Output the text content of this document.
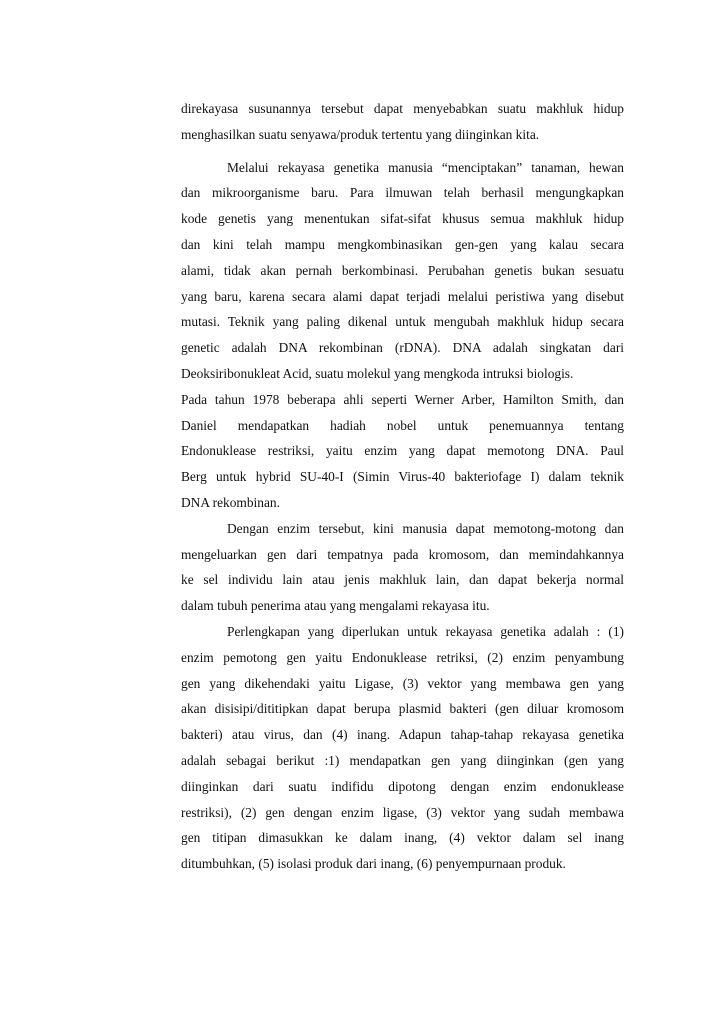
direkayasa susunannya tersebut dapat menyebabkan suatu makhluk hidup
menghasilkan suatu senyawa/produk tertentu yang diinginkan kita.
Melalui rekayasa genetika manusia “menciptakan” tanaman, hewan
dan mikroorganisme baru. Para ilmuwan telah berhasil mengungkapkan
kode genetis yang menentukan sifat-sifat khusus semua makhluk hidup
dan kini telah mampu mengkombinasikan gen-gen yang kalau secara
alami, tidak akan pernah berkombinasi. Perubahan genetis bukan sesuatu
yang baru, karena secara alami dapat terjadi melalui peristiwa yang disebut
mutasi. Teknik yang paling dikenal untuk mengubah makhluk hidup secara
genetic adalah DNA rekombinan (rDNA). DNA adalah singkatan dari
Deoksiribonukleat Acid, suatu molekul yang mengkoda intruksi biologis.
Pada tahun 1978 beberapa ahli seperti Werner Arber, Hamilton Smith, dan
Daniel mendapatkan hadiah nobel untuk penemuannya tentang
Endonuklease restriksi, yaitu enzim yang dapat memotong DNA. Paul
Berg untuk hybrid SU-40-I (Simin Virus-40 bakteriofage I) dalam teknik
DNA rekombinan.
Dengan enzim tersebut, kini manusia dapat memotong-motong dan
mengeluarkan gen dari tempatnya pada kromosom, dan memindahkannya
ke sel individu lain atau jenis makhluk lain, dan dapat bekerja normal
dalam tubuh penerima atau yang mengalami rekayasa itu.
Perlengkapan yang diperlukan untuk rekayasa genetika adalah : (1)
enzim pemotong gen yaitu Endonuklease retriksi, (2) enzim penyambung
gen yang dikehendaki yaitu Ligase, (3) vektor yang membawa gen yang
akan disisipi/dititipkan dapat berupa plasmid bakteri (gen diluar kromosom
bakteri) atau virus, dan (4) inang. Adapun tahap-tahap rekayasa genetika
adalah sebagai berikut :1) mendapatkan gen yang diinginkan (gen yang
diinginkan dari suatu indifidu dipotong dengan enzim endonuklease
restriksi), (2) gen dengan enzim ligase, (3) vektor yang sudah membawa
gen titipan dimasukkan ke dalam inang, (4) vektor dalam sel inang
ditumbuhkan, (5) isolasi produk dari inang, (6) penyempurnaan produk.
